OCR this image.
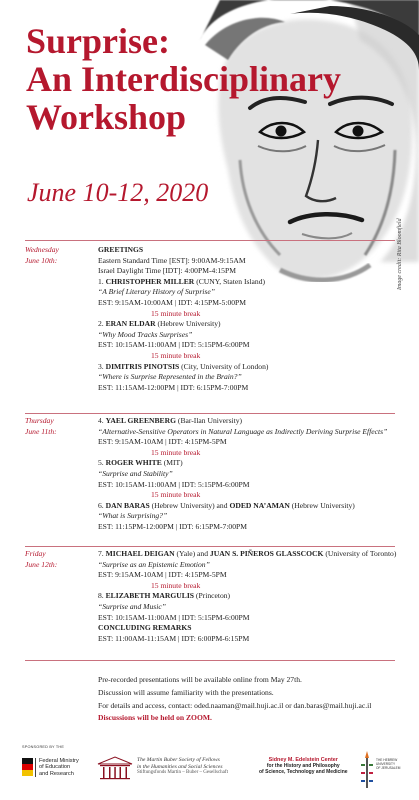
Surprise:
An Interdisciplinary
Workshop
June 10-12, 2020
Image credit: Rita Bloomfield
Wednesday
June 10th:
GREETINGS
Eastern Standard Time [EST]: 9:00AM-9:15AM
Israel Daylight Time [IDT]: 4:00PM-4:15PM
1. CHRISTOPHER MILLER (CUNY, Staten Island)
“A Brief Literary History of Surprise”
EST: 9:15AM-10:00AM | IDT: 4:15PM-5:00PM
15 minute break
2. ERAN ELDAR (Hebrew University)
“Why Mood Tracks Surprises”
EST: 10:15AM-11:00AM | IDT: 5:15PM-6:00PM
15 minute break
3. DIMITRIS PINOTSIS (City, University of London)
“Where is Surprise Represented in the Brain?”
EST: 11:15AM-12:00PM | IDT: 6:15PM-7:00PM
Thursday
June 11th:
4. YAEL GREENBERG (Bar-Ilan University)
“Alternative-Sensitive Operators in Natural Language as Indirectly Deriving Surprise Effects”
EST: 9:15AM-10AM | IDT: 4:15PM-5PM
15 minute break
5. ROGER WHITE (MIT)
“Surprise and Stability”
EST: 10:15AM-11:00AM | IDT: 5:15PM-6:00PM
15 minute break
6. DAN BARAS (Hebrew University) and ODED NA’AMAN (Hebrew University)
“What is Surprising?”
EST: 11:15PM-12:00PM | IDT: 6:15PM-7:00PM
Friday
June 12th:
7. MICHAEL DEIGAN (Yale) and JUAN S. PIÑEROS GLASSCOCK (University of Toronto)
“Surprise as an Epistemic Emotion”
EST: 9:15AM-10AM | IDT: 4:15PM-5PM
15 minute break
8. ELIZABETH MARGULIS (Princeton)
“Surprise and Music”
EST: 10:15AM-11:00AM | IDT: 5:15PM-6:00PM
CONCLUDING REMARKS
EST: 11:00AM-11:15AM | IDT: 6:00PM-6:15PM
Pre-recorded presentations will be available online from May 27th.
Discussion will assume familiarity with the presentations.
For details and access, contact: oded.naaman@mail.huji.ac.il or dan.baras@mail.huji.ac.il
Discussions will be held on ZOOM.
SPONSORED BY THE
Federal Ministry
of Education
and Research
The Martin Buber Society of Fellows
in the Humanities and Social Sciences
Stiftungsfonds Martin – Buber – Gesellschaft
Sidney M. Edelstein Center
for the History and Philosophy
of Science, Technology and Medicine
THE HEBREW
UNIVERSITY
OF JERUSALEM
